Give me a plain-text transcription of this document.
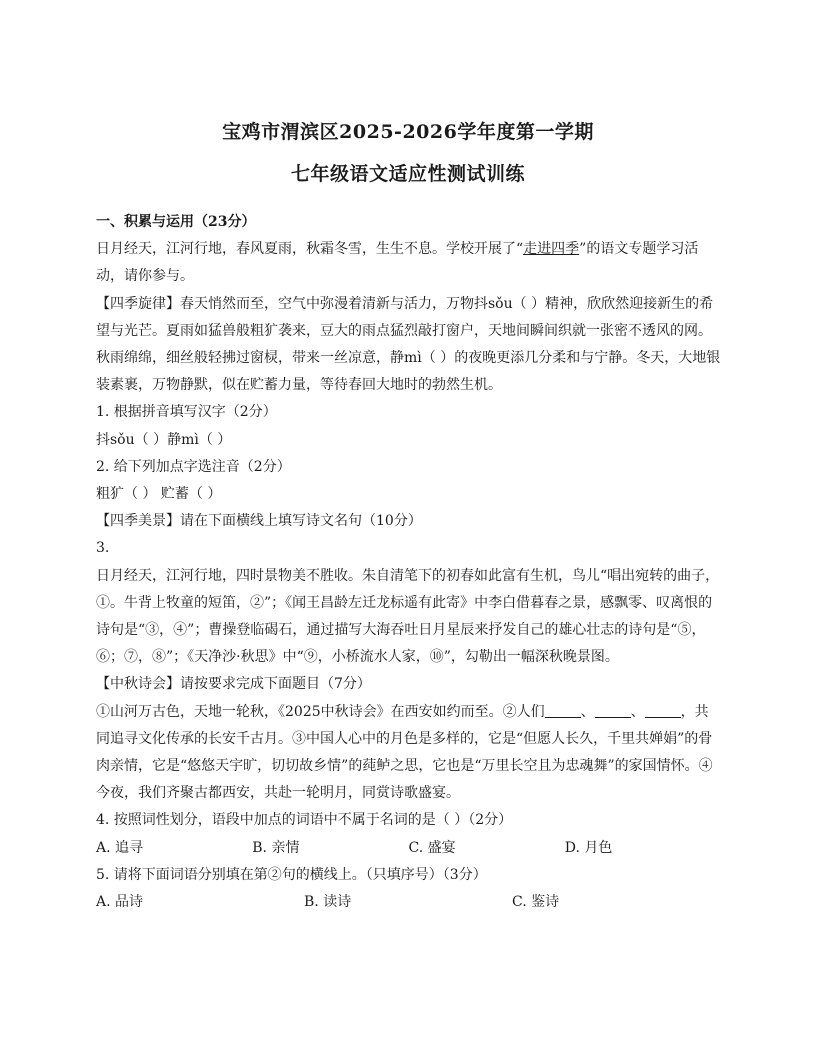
宝鸡市渭滨区2025-2026学年度第一学期
七年级语文适应性测试训练

一、积累与运用（23分）

日月经天，江河行地，春风夏雨，秋霜冬雪，生生不息。学校开展了“走进四季”的语文专题学习活动，请你参与。

【四季旋律】春天悄然而至，空气中弥漫着清新与活力，万物抖sǒu（ ）精神，欣欣然迎接新生的希望与光芒。夏雨如猛兽般粗犷袭来，豆大的雨点猛烈敲打窗户，天地间瞬间织就一张密不透风的网。秋雨绵绵，细丝般轻拂过窗棂，带来一丝凉意，静mì（ ）的夜晚更添几分柔和与宁静。冬天，大地银装素裹，万物静默，似在贮蓄力量，等待春回大地时的勃然生机。

1. 根据拼音填写汉字（2分）

抖sǒu（ ）静mì（ ）

2. 给下列加点字选注音（2分）

粗犷（ ） 贮蓄（ ）

【四季美景】请在下面横线上填写诗文名句（10分）

3.

日月经天，江河行地，四时景物美不胜收。朱自清笔下的初春如此富有生机，鸟儿“唱出宛转的曲子，①。牛背上牧童的短笛，②”；《闻王昌龄左迁龙标遥有此寄》中李白借暮春之景，感飘零、叹离恨的诗句是“③，④”；曹操登临碣石，通过描写大海吞吐日月星辰来抒发自己的雄心壮志的诗句是“⑤，⑥；⑦，⑧”；《天净沙·秋思》中“⑨，小桥流水人家，⑩”，勾勒出一幅深秋晚景图。

【中秋诗会】请按要求完成下面题目（7分）

①山河万古色，天地一轮秋，《2025中秋诗会》在西安如约而至。②人们	、	、	，共同追寻文化传承的长安千古月。③中国人心中的月色是多样的，它是“但愿人长久，千里共婵娟”的骨肉亲情，它是“悠悠天宇旷，切切故乡情”的莼鲈之思，它也是“万里长空且为忠魂舞”的家国情怀。④今夜，我们齐聚古都西安，共赴一轮明月，同赏诗歌盛宴。

4. 按照词性划分，语段中加点的词语中不属于名词的是（ ）（2分）

A. 追寻	B. 亲情	C. 盛宴	D. 月色

5. 请将下面词语分别填在第②句的横线上。（只填序号）（3分）

A. 品诗	B. 读诗	C. 鉴诗
